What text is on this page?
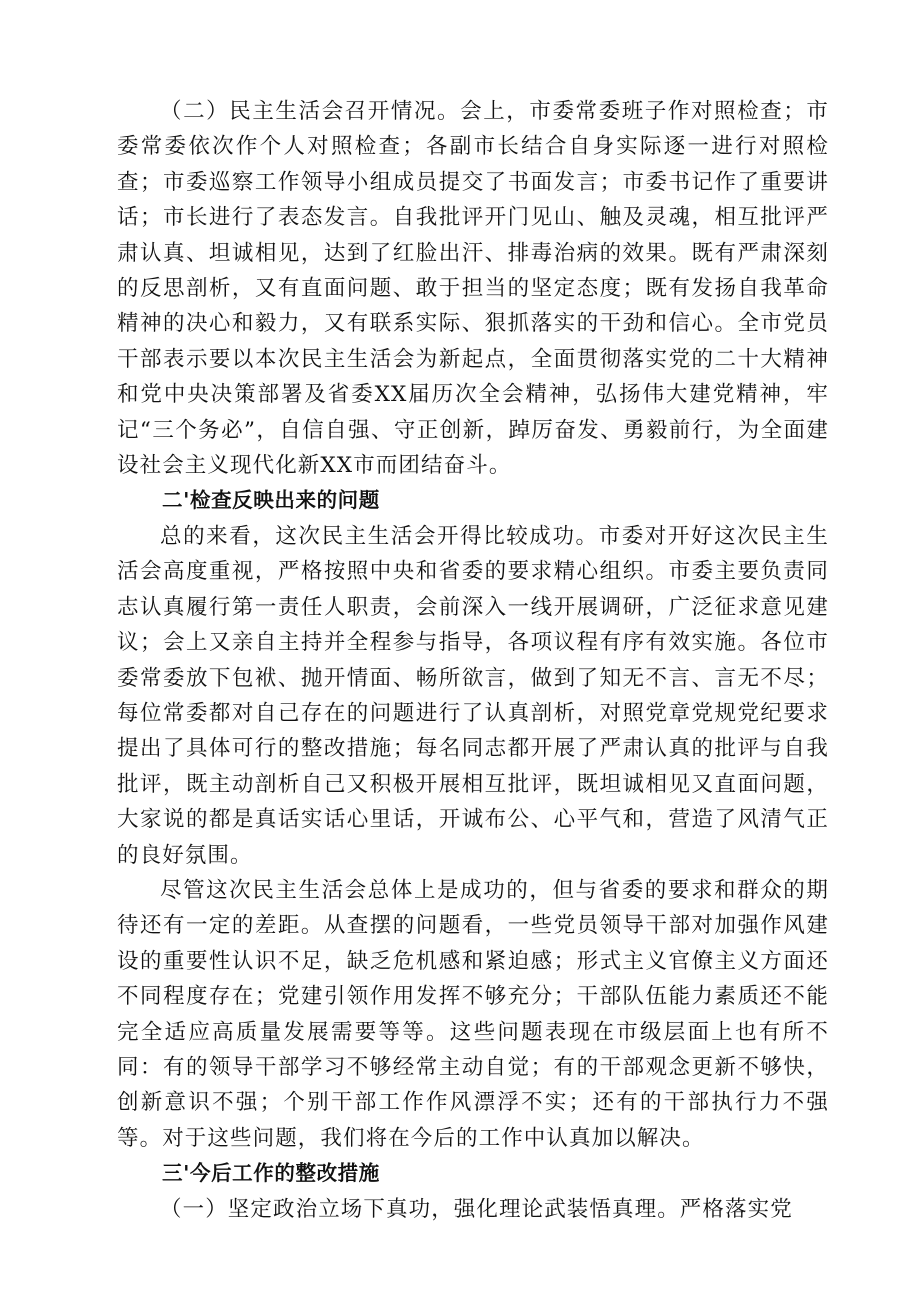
（二）民主生活会召开情况。会上，市委常委班子作对照检查；市委常委依次作个人对照检查；各副市长结合自身实际逐一进行对照检查；市委巡察工作领导小组成员提交了书面发言；市委书记作了重要讲话；市长进行了表态发言。自我批评开门见山、触及灵魂，相互批评严肃认真、坦诚相见，达到了红脸出汗、排毒治病的效果。既有严肃深刻的反思剖析，又有直面问题、敢于担当的坚定态度；既有发扬自我革命精神的决心和毅力，又有联系实际、狠抓落实的干劲和信心。全市党员干部表示要以本次民主生活会为新起点，全面贯彻落实党的二十大精神和党中央决策部署及省委XX届历次全会精神，弘扬伟大建党精神，牢记“三个务必”，自信自强、守正创新，踔厉奋发、勇毅前行，为全面建设社会主义现代化新XX市而团结奋斗。

二'检查反映出来的问题

总的来看，这次民主生活会开得比较成功。市委对开好这次民主生活会高度重视，严格按照中央和省委的要求精心组织。市委主要负责同志认真履行第一责任人职责，会前深入一线开展调研，广泛征求意见建议；会上又亲自主持并全程参与指导，各项议程有序有效实施。各位市委常委放下包袱、抛开情面、畅所欲言，做到了知无不言、言无不尽；每位常委都对自己存在的问题进行了认真剖析，对照党章党规党纪要求提出了具体可行的整改措施；每名同志都开展了严肃认真的批评与自我批评，既主动剖析自己又积极开展相互批评，既坦诚相见又直面问题，大家说的都是真话实话心里话，开诚布公、心平气和，营造了风清气正的良好氛围。

尽管这次民主生活会总体上是成功的，但与省委的要求和群众的期待还有一定的差距。从查摆的问题看，一些党员领导干部对加强作风建设的重要性认识不足，缺乏危机感和紧迫感；形式主义官僚主义方面还不同程度存在；党建引领作用发挥不够充分；干部队伍能力素质还不能完全适应高质量发展需要等等。这些问题表现在市级层面上也有所不同：有的领导干部学习不够经常主动自觉；有的干部观念更新不够快，创新意识不强；个别干部工作作风漂浮不实；还有的干部执行力不强等。对于这些问题，我们将在今后的工作中认真加以解决。

三'今后工作的整改措施

（一）坚定政治立场下真功，强化理论武装悟真理。严格落实党
